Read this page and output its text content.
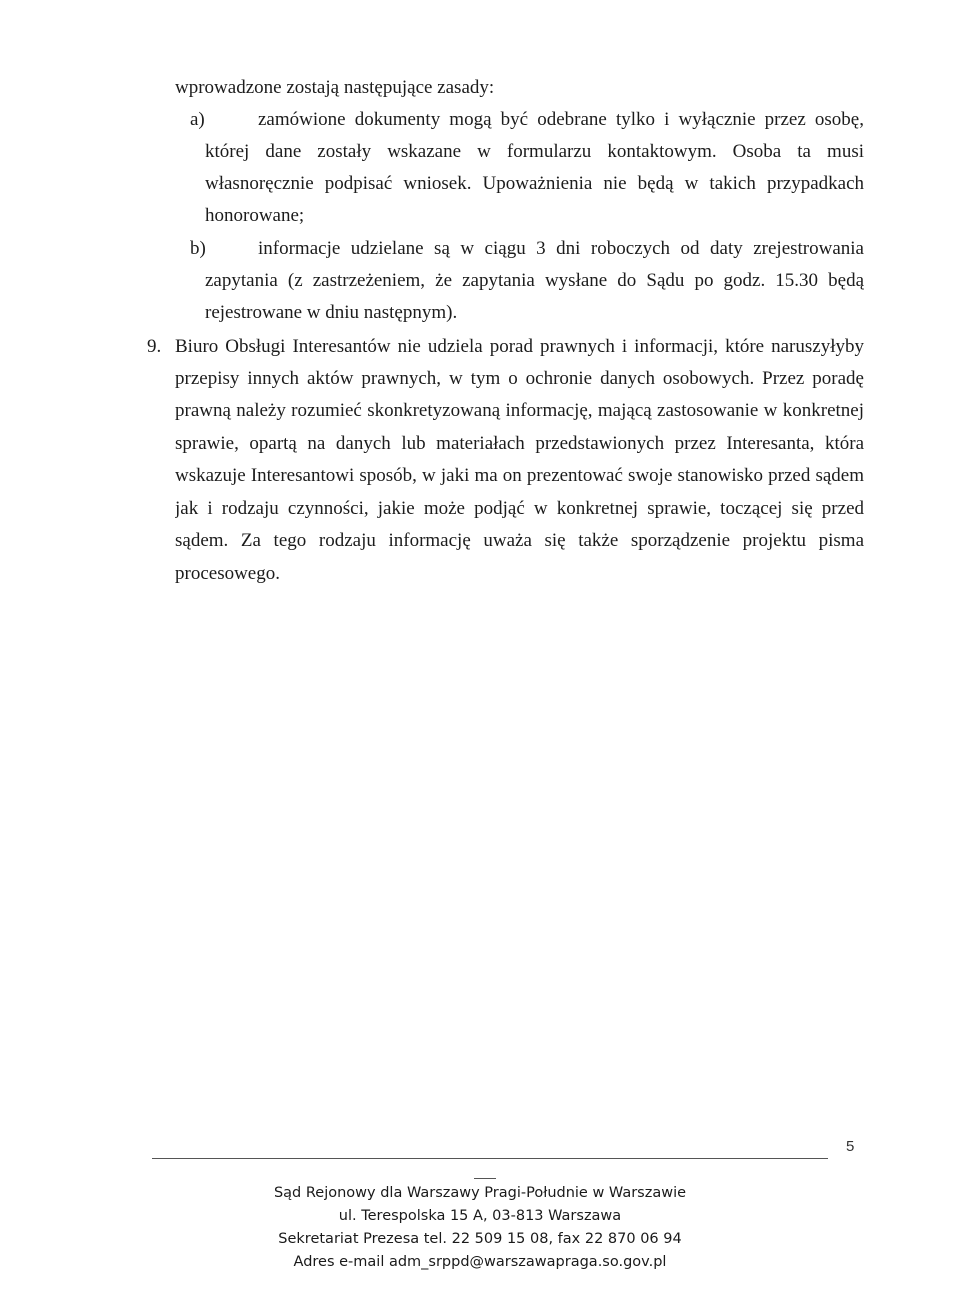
wprowadzone zostają następujące zasady:
a)	zamówione dokumenty mogą być odebrane tylko i wyłącznie przez osobę,
której dane zostały wskazane w formularzu kontaktowym. Osoba ta musi
własnoręcznie podpisać wniosek. Upoważnienia nie będą w takich przypadkach
honorowane;
b)	informacje udzielane są w ciągu 3 dni roboczych od daty zrejestrowania
zapytania (z zastrzeżeniem, że zapytania wysłane do Sądu po godz. 15.30 będą
rejestrowane w dniu następnym).
9. Biuro Obsługi Interesantów nie udziela porad prawnych i informacji, które naruszyłyby
przepisy innych aktów prawnych, w tym o ochronie danych osobowych. Przez poradę
prawną należy rozumieć skonkretyzowaną informację, mającą zastosowanie w konkretnej
sprawie, opartą na danych lub materiałach przedstawionych przez Interesanta, która
wskazuje Interesantowi sposób, w jaki ma on prezentować swoje stanowisko przed sądem
jak i rodzaju czynności, jakie może podjąć w konkretnej sprawie, toczącej się przed
sądem. Za tego rodzaju informację uważa się także sporządzenie projektu pisma
procesowego.
5
Sąd Rejonowy dla Warszawy Pragi-Południe w Warszawie
ul. Terespolska 15 A, 03-813 Warszawa
Sekretariat Prezesa tel. 22 509 15 08, fax 22 870 06 94
Adres e-mail adm_srppd@warszawapraga.so.gov.pl
